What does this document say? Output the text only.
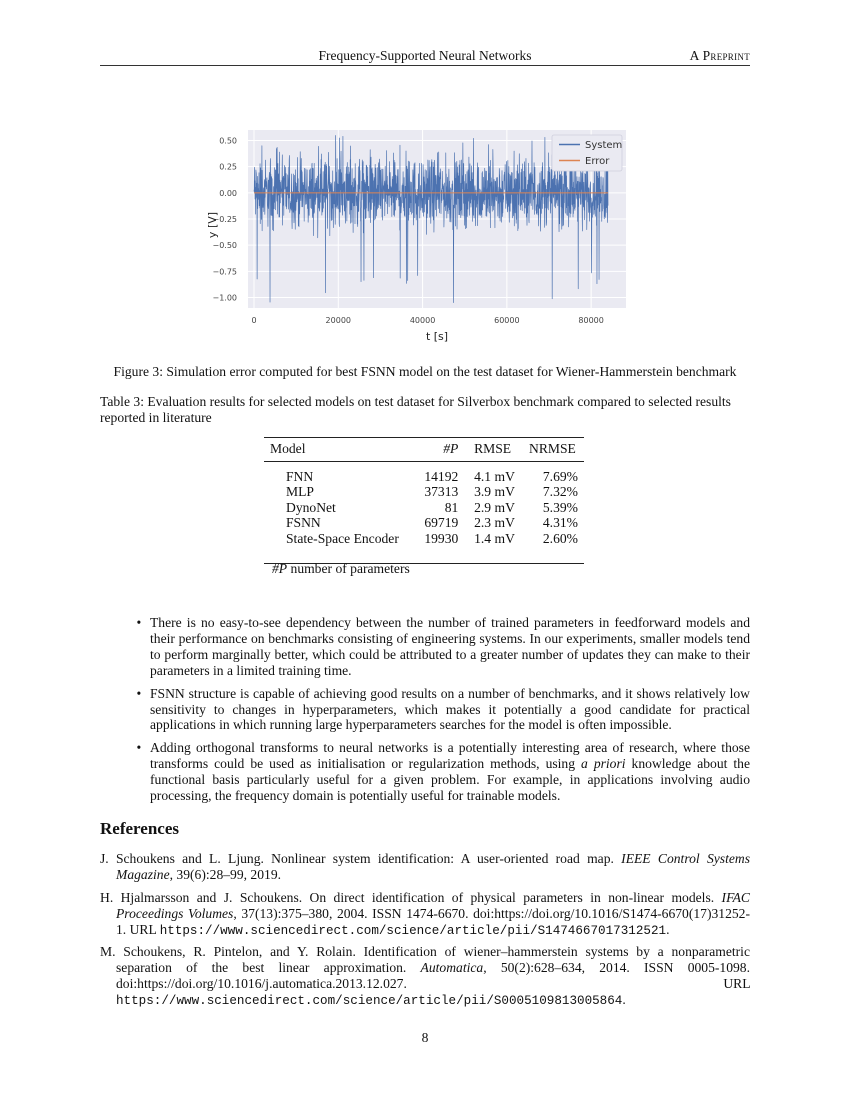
Frequency-Supported Neural Networks	A Preprint
0	20000	40000	60000	80000
0.50
0.25
0.00
−0.25
−0.50
−0.75
−1.00
t [s]
y [V]
System
Error
Figure 3: Simulation error computed for best FSNN model on the test dataset for Wiener-Hammerstein benchmark
Table 3: Evaluation results for selected models on test dataset for Silverbox benchmark compared to selected results reported in literature
Model	#P	RMSE	NRMSE
FNN	14192	4.1 mV	7.69%
MLP	37313	3.9 mV	7.32%
DynoNet	81	2.9 mV	5.39%
FSNN	69719	2.3 mV	4.31%
State-Space Encoder	19930	1.4 mV	2.60%
#P number of parameters
• There is no easy-to-see dependency between the number of trained parameters in feedforward models and their performance on benchmarks consisting of engineering systems. In our experiments, smaller models tend to perform marginally better, which could be attributed to a greater number of updates they can make to their parameters in a limited training time.
• FSNN structure is capable of achieving good results on a number of benchmarks, and it shows relatively low sensitivity to changes in hyperparameters, which makes it potentially a good candidate for practical applications in which running large hyperparameters searches for the model is often impossible.
• Adding orthogonal transforms to neural networks is a potentially interesting area of research, where those transforms could be used as initialisation or regularization methods, using a priori knowledge about the functional basis particularly useful for a given problem. For example, in applications involving audio processing, the frequency domain is potentially useful for trainable models.
References
J. Schoukens and L. Ljung. Nonlinear system identification: A user-oriented road map. IEEE Control Systems Magazine, 39(6):28–99, 2019.
H. Hjalmarsson and J. Schoukens. On direct identification of physical parameters in non-linear models. IFAC Proceedings Volumes, 37(13):375–380, 2004. ISSN 1474-6670. doi:https://doi.org/10.1016/S1474-6670(17)31252-1. URL https://www.sciencedirect.com/science/article/pii/S1474667017312521.
M. Schoukens, R. Pintelon, and Y. Rolain. Identification of wiener–hammerstein systems by a nonparametric separation of the best linear approximation. Automatica, 50(2):628–634, 2014. ISSN 0005-1098. doi:https://doi.org/10.1016/j.automatica.2013.12.027.	URL https://www.sciencedirect.com/science/article/pii/S0005109813005864.
8
